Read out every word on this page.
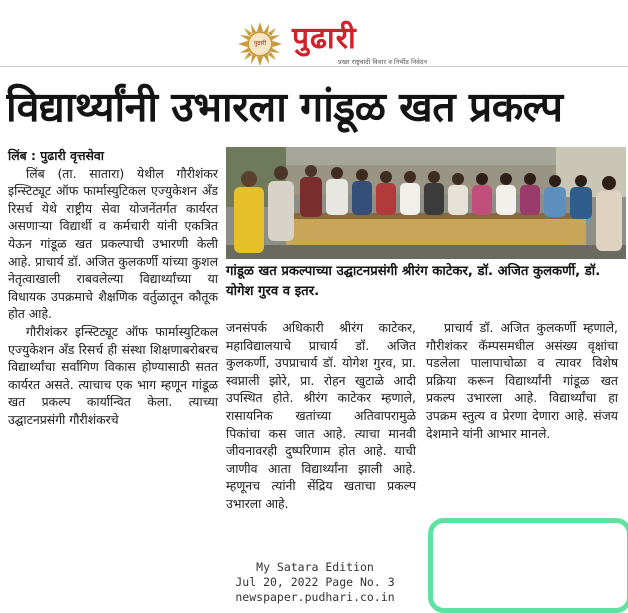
पुढारी पुढारी
प्रखर राष्ट्रवादी विचार व निर्भीड निवेदन
विद्यार्थ्यांनी उभारला गांडूळ खत प्रकल्प

लिंब : पुढारी वृत्तसेवा

लिंब (ता. सातारा) येथील गौरीशंकर इन्स्टिट्यूट ऑफ फार्मास्युटिकल एज्युकेशन अँड रिसर्च येथे राष्ट्रीय सेवा योजनेंतर्गत कार्यरत असणाऱ्या विद्यार्थी व कर्मचारी यांनी एकत्रित येऊन गांडूळ खत प्रकल्पाची उभारणी केली आहे. प्राचार्य डॉ. अजित कुलकर्णी यांच्या कुशल नेतृत्वाखाली राबवलेल्या विद्यार्थ्यांच्या या विधायक उपक्रमाचे शैक्षणिक वर्तुळातून कौतूक होत आहे.

गौरीशंकर इन्स्टिट्यूट ऑफ फार्मास्युटिकल एज्युकेशन अँड रिसर्च ही संस्था शिक्षणाबरोबरच विद्यार्थ्यांचा सर्वांगिण विकास होण्यासाठी सतत कार्यरत असते. त्याचाच एक भाग म्हणून गांडूळ खत प्रकल्प कार्यान्वित केला. त्याच्या उद्घाटनप्रसंगी गौरीशंकरचे

गांडूळ खत प्रकल्पाच्या उद्घाटनप्रसंगी श्रीरंग काटेकर, डॉ. अजित कुलकर्णी, डॉ. योगेश गुरव व इतर.

जनसंपर्क अधिकारी श्रीरंग काटेकर, महाविद्यालयाचे प्राचार्य डॉ. अजित कुलकर्णी, उपप्राचार्य डॉ. योगेश गुरव, प्रा. स्वप्नाली झोरे, प्रा. रोहन खुटाळे आदी उपस्थित होते. श्रीरंग काटेकर म्हणाले, रासायनिक खतांच्या अतिवापरामुळे पिकांचा कस जात आहे. त्याचा मानवी जीवनावरही दुष्परिणाम होत आहे. याची जाणीव आता विद्यार्थ्यांना झाली आहे. म्हणूनच त्यांनी सेंद्रिय खताचा प्रकल्प उभारला आहे.

प्राचार्य डॉ. अजित कुलकर्णी म्हणाले, गौरीशंकर कॅम्पसमधील असंख्य वृक्षांचा पडलेला पालापाचोळा व त्यावर विशेष प्रक्रिया करून विद्यार्थ्यांनी गांडूळ खत प्रकल्प उभारला आहे. विद्यार्थ्यांचा हा उपक्रम स्तुत्य व प्रेरणा देणारा आहे. संजय देशमाने यांनी आभार मानले.

My Satara Edition
Jul 20, 2022 Page No. 3
newspaper.pudhari.co.in
